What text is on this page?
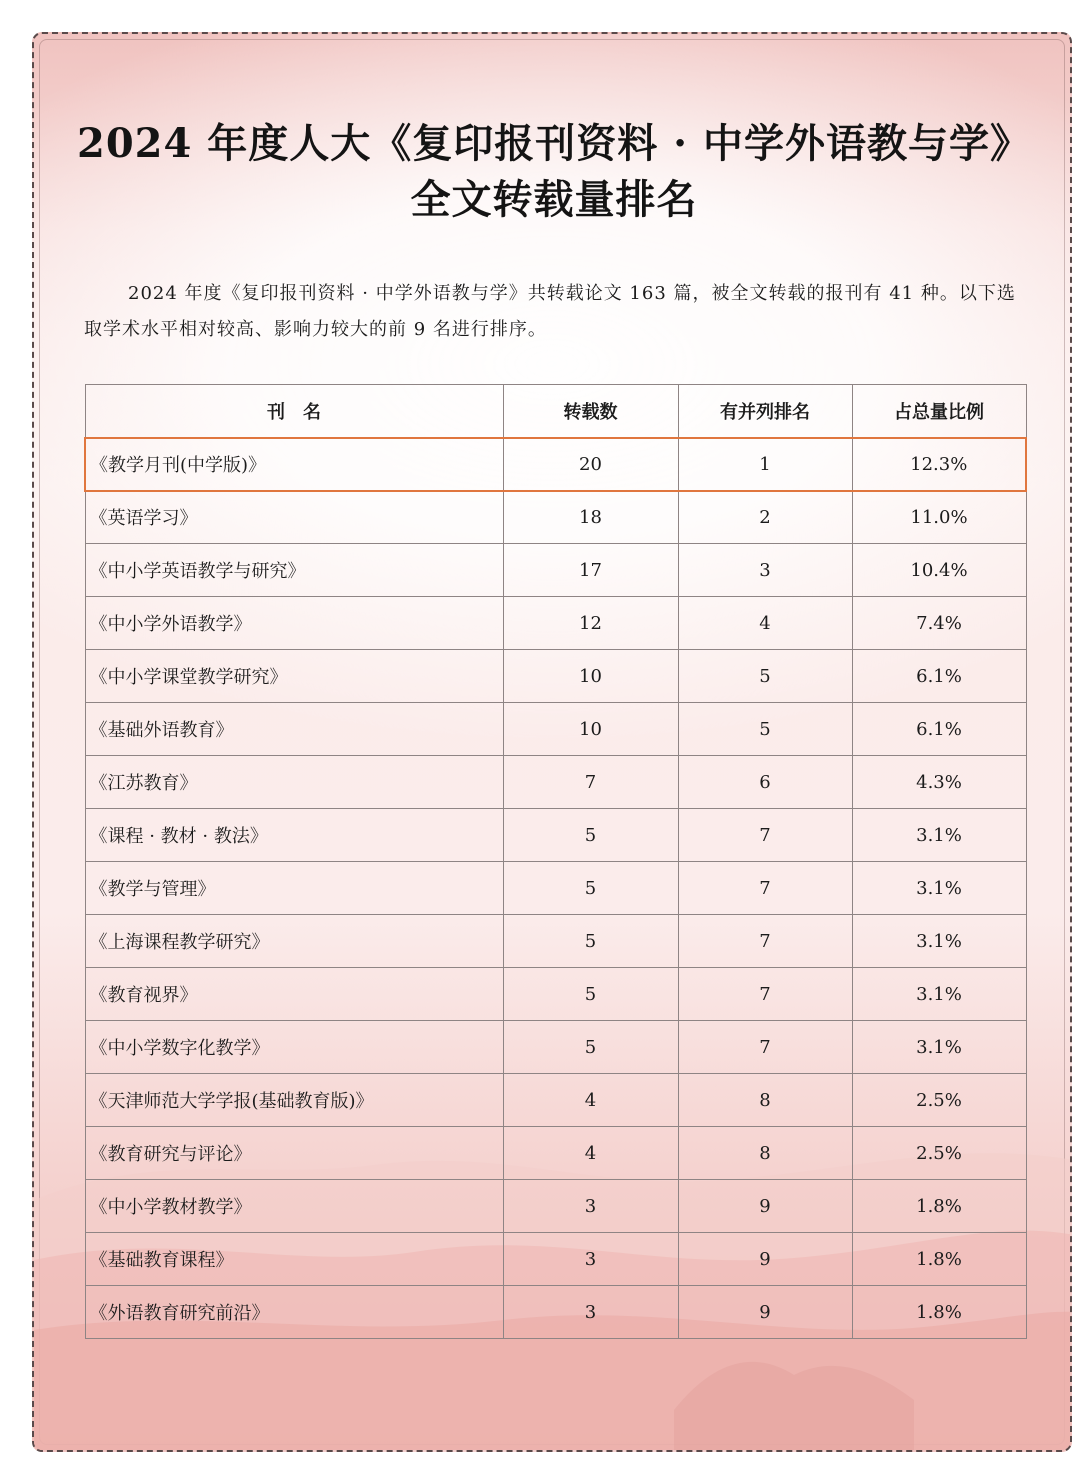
2024 年度人大《复印报刊资料 · 中学外语教与学》
全文转载量排名
2024 年度《复印报刊资料 · 中学外语教与学》共转载论文 163 篇，被全文转载的报刊有 41 种。以下选取学术水平相对较高、影响力较大的前 9 名进行排序。
刊　名	转载数	有并列排名	占总量比例
《教学月刊(中学版)》	20	1	12.3%
《英语学习》	18	2	11.0%
《中小学英语教学与研究》	17	3	10.4%
《中小学外语教学》	12	4	7.4%
《中小学课堂教学研究》	10	5	6.1%
《基础外语教育》	10	5	6.1%
《江苏教育》	7	6	4.3%
《课程 · 教材 · 教法》	5	7	3.1%
《教学与管理》	5	7	3.1%
《上海课程教学研究》	5	7	3.1%
《教育视界》	5	7	3.1%
《中小学数字化教学》	5	7	3.1%
《天津师范大学学报(基础教育版)》	4	8	2.5%
《教育研究与评论》	4	8	2.5%
《中小学教材教学》	3	9	1.8%
《基础教育课程》	3	9	1.8%
《外语教育研究前沿》	3	9	1.8%
